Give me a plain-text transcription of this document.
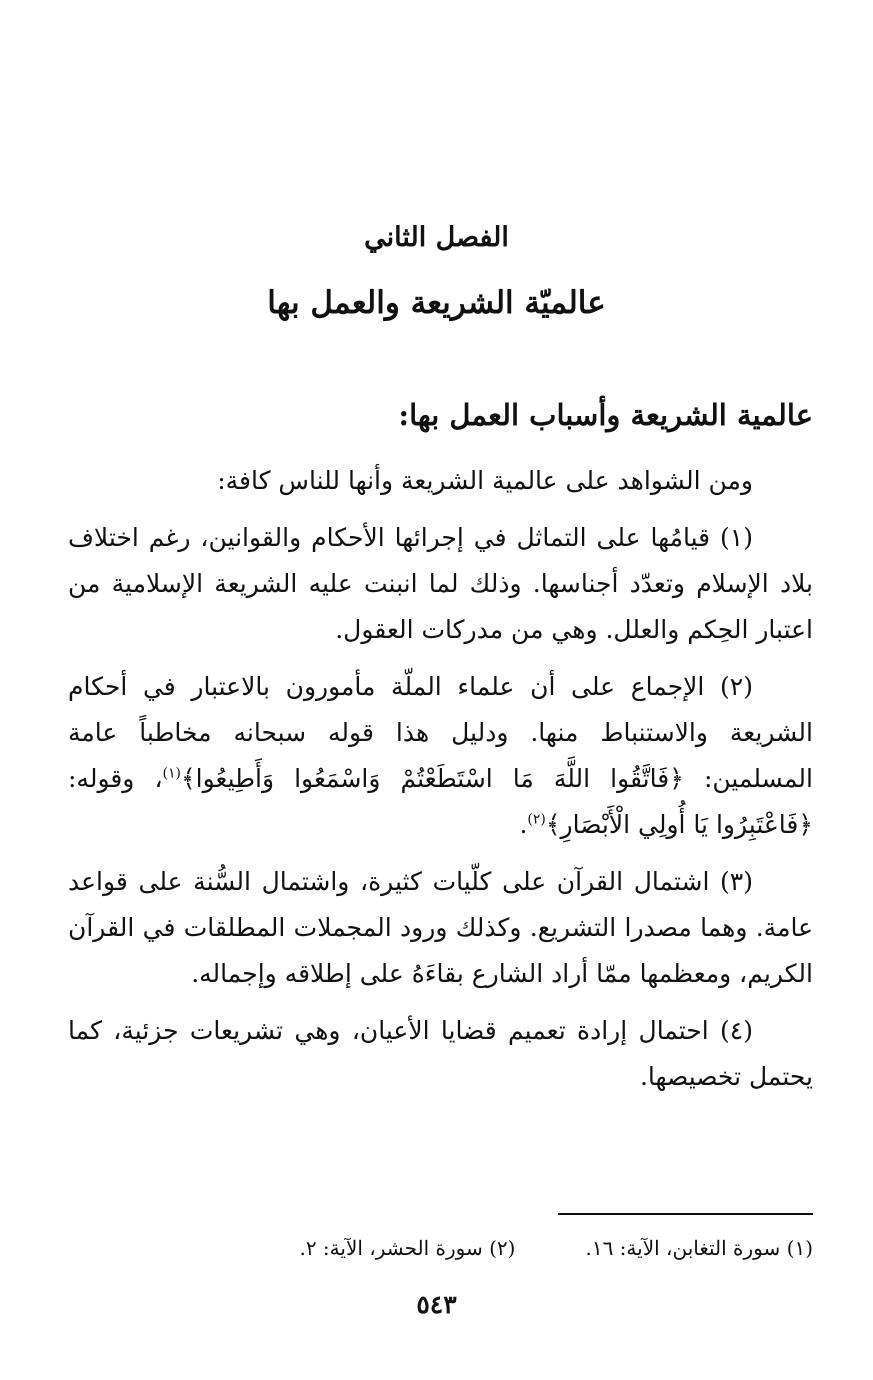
الفصل الثاني
عالميّة الشريعة والعمل بها
عالمية الشريعة وأسباب العمل بها:

ومن الشواهد على عالمية الشريعة وأنها للناس كافة:

(١) قيامُها على التماثل في إجرائها الأحكام والقوانين، رغم اختلاف بلاد الإسلام وتعدّد أجناسها. وذلك لما انبنت عليه الشريعة الإسلامية من اعتبار الحِكم والعلل. وهي من مدركات العقول.

(٢) الإجماع على أن علماء الملّة مأمورون بالاعتبار في أحكام الشريعة والاستنباط منها. ودليل هذا قوله سبحانه مخاطباً عامة المسلمين: ﴿فَاتَّقُوا اللَّهَ مَا اسْتَطَعْتُمْ وَاسْمَعُوا وَأَطِيعُوا﴾$^{(١)}$، وقوله: ﴿فَاعْتَبِرُوا يَا أُولِي الْأَبْصَارِ﴾$^{(٢)}$.

(٣) اشتمال القرآن على كلّيات كثيرة، واشتمال السُّنة على قواعد عامة. وهما مصدرا التشريع. وكذلك ورود المجملات المطلقات في القرآن الكريم، ومعظمها ممّا أراد الشارع بقاءَهُ على إطلاقه وإجماله.

(٤) احتمال إرادة تعميم قضايا الأعيان، وهي تشريعات جزئية، كما يحتمل تخصيصها.

(١) سورة التغابن، الآية: ١٦.
(٢) سورة الحشر، الآية: ٢.
٥٤٣
